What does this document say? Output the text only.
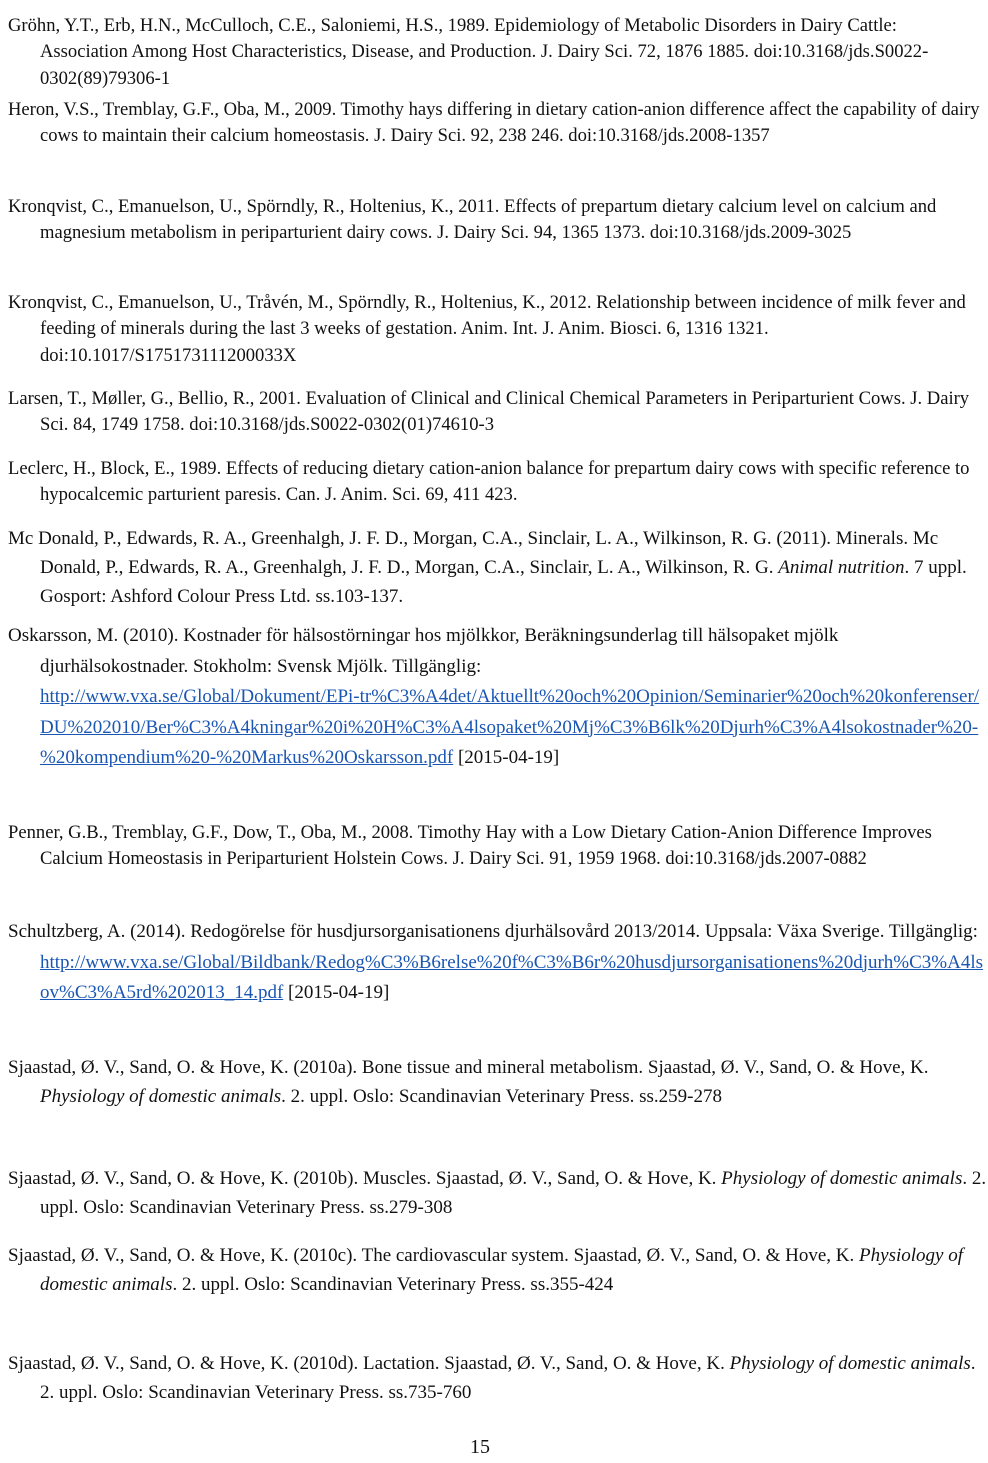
Gröhn, Y.T., Erb, H.N., McCulloch, C.E., Saloniemi, H.S., 1989. Epidemiology of Metabolic Disorders in Dairy Cattle: Association Among Host Characteristics, Disease, and Production. J. Dairy Sci. 72, 1876 1885. doi:10.3168/jds.S0022-0302(89)79306-1

Heron, V.S., Tremblay, G.F., Oba, M., 2009. Timothy hays differing in dietary cation-anion difference affect the capability of dairy cows to maintain their calcium homeostasis. J. Dairy Sci. 92, 238 246. doi:10.3168/jds.2008-1357

Kronqvist, C., Emanuelson, U., Spörndly, R., Holtenius, K., 2011. Effects of prepartum dietary calcium level on calcium and magnesium metabolism in periparturient dairy cows. J. Dairy Sci. 94, 1365 1373. doi:10.3168/jds.2009-3025

Kronqvist, C., Emanuelson, U., Tråvén, M., Spörndly, R., Holtenius, K., 2012. Relationship between incidence of milk fever and feeding of minerals during the last 3 weeks of gestation. Anim. Int. J. Anim. Biosci. 6, 1316 1321. doi:10.1017/S175173111200033X

Larsen, T., Møller, G., Bellio, R., 2001. Evaluation of Clinical and Clinical Chemical Parameters in Periparturient Cows. J. Dairy Sci. 84, 1749 1758. doi:10.3168/jds.S0022-0302(01)74610-3

Leclerc, H., Block, E., 1989. Effects of reducing dietary cation-anion balance for prepartum dairy cows with specific reference to hypocalcemic parturient paresis. Can. J. Anim. Sci. 69, 411 423.

Mc Donald, P., Edwards, R. A., Greenhalgh, J. F. D., Morgan, C.A., Sinclair, L. A., Wilkinson, R. G. (2011). Minerals. Mc Donald, P., Edwards, R. A., Greenhalgh, J. F. D., Morgan, C.A., Sinclair, L. A., Wilkinson, R. G. Animal nutrition. 7 uppl. Gosport: Ashford Colour Press Ltd. ss.103-137.

Oskarsson, M. (2010). Kostnader för hälsostörningar hos mjölkkor, Beräkningsunderlag till hälsopaket mjölk djurhälsokostnader. Stokholm: Svensk Mjölk. Tillgänglig:
http://www.vxa.se/Global/Dokument/EPi-tr%C3%A4det/Aktuellt%20och%20Opinion/Seminarier%20och%20konferenser/DU%202010/Ber%C3%A4kningar%20i%20H%C3%A4lsopaket%20Mj%C3%B6lk%20Djurh%C3%A4lsokostnader%20-%20kompendium%20-%20Markus%20Oskarsson.pdf [2015-04-19]

Penner, G.B., Tremblay, G.F., Dow, T., Oba, M., 2008. Timothy Hay with a Low Dietary Cation-Anion Difference Improves Calcium Homeostasis in Periparturient Holstein Cows. J. Dairy Sci. 91, 1959 1968. doi:10.3168/jds.2007-0882

Schultzberg, A. (2014). Redogörelse för husdjursorganisationens djurhälsovård 2013/2014. Uppsala: Växa Sverige. Tillgänglig:
http://www.vxa.se/Global/Bildbank/Redog%C3%B6relse%20f%C3%B6r%20husdjursorganisationens%20djurh%C3%A4lsov%C3%A5rd%202013_14.pdf [2015-04-19]

Sjaastad, Ø. V., Sand, O. & Hove, K. (2010a). Bone tissue and mineral metabolism. Sjaastad, Ø. V., Sand, O. & Hove, K. Physiology of domestic animals. 2. uppl. Oslo: Scandinavian Veterinary Press. ss.259-278

Sjaastad, Ø. V., Sand, O. & Hove, K. (2010b). Muscles. Sjaastad, Ø. V., Sand, O. & Hove, K. Physiology of domestic animals. 2. uppl. Oslo: Scandinavian Veterinary Press. ss.279-308

Sjaastad, Ø. V., Sand, O. & Hove, K. (2010c). The cardiovascular system. Sjaastad, Ø. V., Sand, O. & Hove, K. Physiology of domestic animals. 2. uppl. Oslo: Scandinavian Veterinary Press. ss.355-424

Sjaastad, Ø. V., Sand, O. & Hove, K. (2010d). Lactation. Sjaastad, Ø. V., Sand, O. & Hove, K. Physiology of domestic animals. 2. uppl. Oslo: Scandinavian Veterinary Press. ss.735-760

15
